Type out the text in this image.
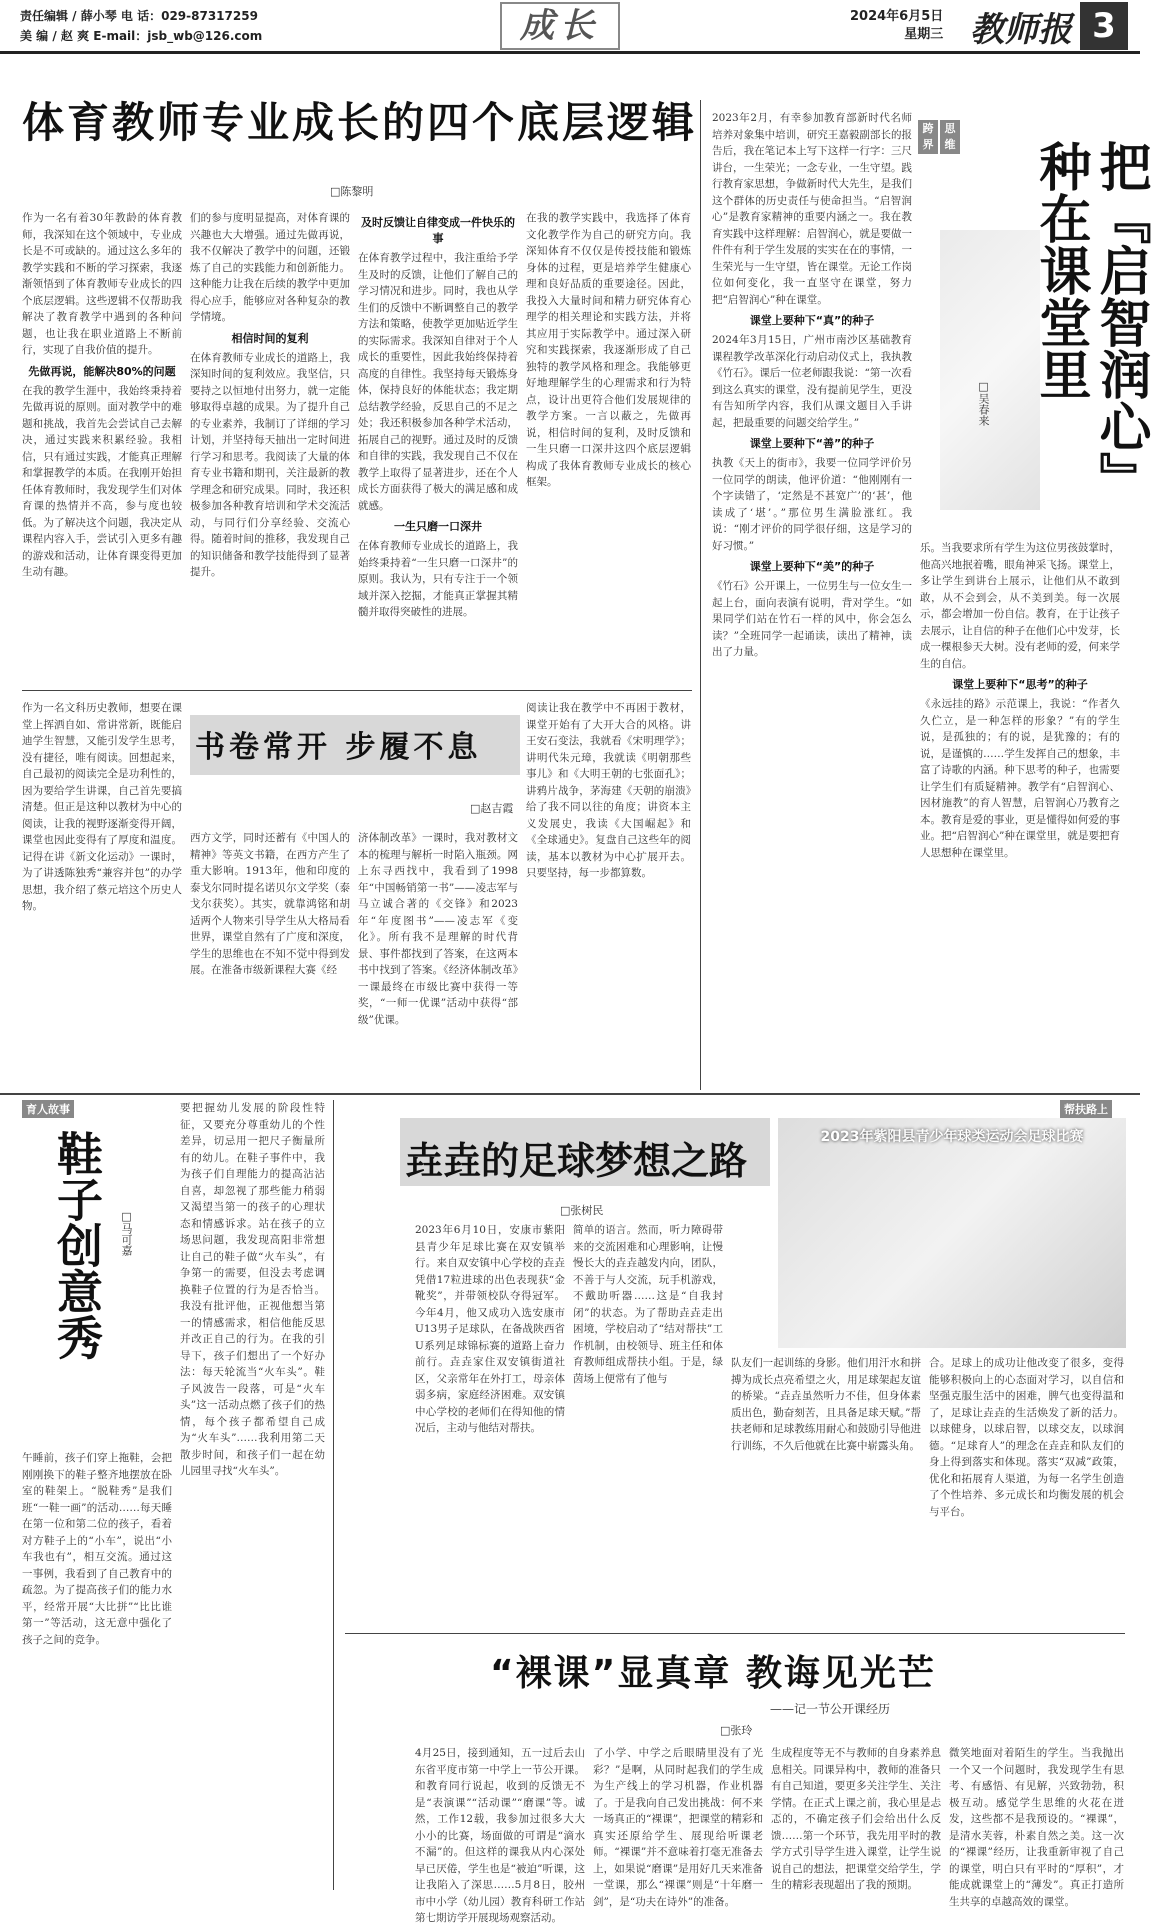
责任编辑 / 薛小琴 电 话：029-87317259
美 编 / 赵 爽 E-mail：jsb_wb@126.com	成长	2024年6月5日
星期三 教师报 3
体育教师专业成长的四个底层逻辑
□陈黎明

作为一名有着30年教龄的体育教师，我深知在这个领域中，专业成长是不可或缺的。通过这么多年的教学实践和不断的学习探索，我逐渐领悟到了体育教师专业成长的四个底层逻辑。这些逻辑不仅帮助我解决了教育教学中遇到的各种问题，也让我在职业道路上不断前行，实现了自我价值的提升。

先做再说，能解决80%的问题

在我的教学生涯中，我始终秉持着先做再说的原则。面对教学中的难题和挑战，我首先会尝试自己去解决，通过实践来积累经验。我相信，只有通过实践，才能真正理解和掌握教学的本质。在我刚开始担任体育教师时，我发现学生们对体育课的热情并不高，参与度也较低。为了解决这个问题，我决定从课程内容入手，尝试引入更多有趣的游戏和活动，让体育课变得更加生动有趣。

们的参与度明显提高，对体育课的兴趣也大大增强。通过先做再说，我不仅解决了教学中的问题，还锻炼了自己的实践能力和创新能力。这种能力让我在后续的教学中更加得心应手，能够应对各种复杂的教学情境。

相信时间的复利

在体育教师专业成长的道路上，我深知时间的复利效应。我坚信，只要持之以恒地付出努力，就一定能够取得卓越的成果。为了提升自己的专业素养，我制订了详细的学习计划，并坚持每天抽出一定时间进行学习和思考。我阅读了大量的体育专业书籍和期刊，关注最新的教学理念和研究成果。同时，我还积极参加各种教育培训和学术交流活动，与同行们分享经验、交流心得。随着时间的推移，我发现自己的知识储备和教学技能得到了显著提升。

及时反馈让自律变成一件快乐的事

在体育教学过程中，我注重给予学生及时的反馈，让他们了解自己的学习情况和进步。同时，我也从学生们的反馈中不断调整自己的教学方法和策略，使教学更加贴近学生的实际需求。我深知自律对于个人成长的重要性，因此我始终保持着高度的自律性。我坚持每天锻炼身体，保持良好的体能状态；我定期总结教学经验，反思自己的不足之处；我还积极参加各种学术活动，拓展自己的视野。通过及时的反馈和自律的实践，我发现自己不仅在教学上取得了显著进步，还在个人成长方面获得了极大的满足感和成就感。

一生只磨一口深井

在体育教师专业成长的道路上，我始终秉持着“一生只磨一口深井”的原则。我认为，只有专注于一个领域并深入挖掘，才能真正掌握其精髓并取得突破性的进展。

在我的教学实践中，我选择了体育文化教学作为自己的研究方向。我深知体育不仅仅是传授技能和锻炼身体的过程，更是培养学生健康心理和良好品质的重要途径。因此，我投入大量时间和精力研究体育心理学的相关理论和实践方法，并将其应用于实际教学中。通过深入研究和实践探索，我逐渐形成了自己独特的教学风格和理念。我能够更好地理解学生的心理需求和行为特点，设计出更符合他们发展规律的教学方案。一言以蔽之，先做再说，相信时间的复利，及时反馈和一生只磨一口深井这四个底层逻辑构成了我体育教师专业成长的核心框架。

跨界
思维	把『启智润心』种在课堂里
□吴春来

2023年2月，有幸参加教育部新时代名师培养对象集中培训，研究王嘉毅副部长的报告后，我在笔记本上写下这样一行字：三尺讲台，一生荣光；一念专业，一生守望。践行教育家思想，争做新时代大先生，是我们这个群体的历史责任与使命担当。“启智润心”是教育家精神的重要内涵之一。我在教育实践中这样理解：启智润心，就是要做一件件有利于学生发展的实实在在的事情，一生荣光与一生守望，皆在课堂。无论工作岗位如何变化，我一直坚守在课堂，努力把“启智润心”种在课堂。

课堂上要种下“真”的种子

2024年3月15日，广州市南沙区基础教育课程教学改革深化行动启动仪式上，我执教《竹石》。课后一位老师跟我说：“第一次看到这么真实的课堂，没有提前见学生，更没有告知所学内容，我们从课文题目入手讲起，把最重要的问题交给学生。”

课堂上要种下“善”的种子

执教《天上的街市》，我要一位同学评价另一位同学的朗读，他评价道：“他刚刚有一个字读错了，‘定然是不甚宽广’的‘甚’，他读成了‘堪’。”那位男生满脸涨红。我说：“刚才评价的同学很仔细，这是学习的好习惯。”

课堂上要种下“美”的种子

《竹石》公开课上，一位男生与一位女生一起上台，面向表演有说明，背对学生。“如果同学们站在竹石一样的风中，你会怎么读？”全班同学一起诵读，读出了精神，读出了力量。

乐。当我要求所有学生为这位男孩鼓掌时，他高兴地抿着嘴，眼角神采飞扬。课堂上，多让学生到讲台上展示，让他们从不敢到敢，从不会到会，从不美到美。每一次展示，都会增加一份自信。教育，在于让孩子去展示，让自信的种子在他们心中发芽，长成一棵根参天大树。没有老师的爱，何来学生的自信。

课堂上要种下“思考”的种子

《永远挂的路》示范课上，我说：“作者久久伫立，是一种怎样的形象？”有的学生说，是孤独的；有的说，是犹豫的；有的说，是谨慎的……学生发挥自己的想象，丰富了诗歌的内涵。种下思考的种子，也需要让学生们有质疑精神。教学有“启智润心、因材施教”的育人智慧，启智润心乃教育之本。教育是爱的事业，更是懂得如何爱的事业。把“启智润心”种在课堂里，就是要把育人思想种在课堂里。

书卷常开 步履不息
□赵吉霞

作为一名文科历史教师，想要在课堂上挥洒自如、常讲常新，既能启迪学生智慧，又能引发学生思考，没有捷径，唯有阅读。回想起来，自己最初的阅读完全是功利性的，因为要给学生讲课，自己首先要搞清楚。但正是这种以教材为中心的阅读，让我的视野逐渐变得开阔，课堂也因此变得有了厚度和温度。记得在讲《新文化运动》一课时，为了讲透陈独秀“兼容并包”的办学思想，我介绍了蔡元培这个历史人物。

西方文学，同时还蓄有《中国人的精神》等英文书籍，在西方产生了重大影响。1913年，他和印度的泰戈尔同时提名诺贝尔文学奖（泰戈尔获奖）。其实，就靠鸿铭和胡适两个人物来引导学生从大格局看世界，课堂自然有了广度和深度，学生的思维也在不知不觉中得到发展。在淮备市级新课程大赛《经

济体制改革》一课时，我对教材文本的梳理与解析一时陷入瓶颈。网上东寻西找中，我看到了1998年“中国畅销第一书”——凌志军与马立诚合著的《交锋》和2023年“年度图书”——凌志军《变化》。所有我不是理解的时代背景、事件都找到了答案，在这两本书中找到了答案。《经济体制改革》一课最终在市级比赛中获得一等奖，“一师一优课”活动中获得“部级”优课。

阅读让我在教学中不再困于教材，课堂开始有了大开大合的风格。讲王安石变法，我就看《宋明理学》；讲明代朱元璋，我就读《明朝那些事儿》和《大明王朝的七张面孔》；讲鸦片战争，茅海建《天朝的崩溃》给了我不同以往的角度；讲资本主义发展史，我读《大国崛起》和《全球通史》。复盘自己这些年的阅读，基本以教材为中心扩展开去。只要坚持，每一步都算数。

育人故事
鞋子创意秀 □马可嘉

午睡前，孩子们穿上拖鞋，会把刚刚换下的鞋子整齐地摆放在卧室的鞋架上。“脱鞋秀”是我们班“一鞋一画”的活动……每天睡在第一位和第二位的孩子，看着对方鞋子上的“小车”，说出“小车我也有”，相互交流。通过这一事例，我看到了自己教育中的疏忽。为了提高孩子们的能力水平，经常开展“大比拼”“比比谁第一”等活动，这无意中强化了孩子之间的竞争。

要把握幼儿发展的阶段性特征，又要充分尊重幼儿的个性差异，切忌用一把尺子衡量所有的幼儿。在鞋子事件中，我为孩子们自理能力的提高沾沾自喜，却忽视了那些能力稍弱又渴望当第一的孩子的心理状态和情感诉求。站在孩子的立场思问题，我发现高阳非常想让自己的鞋子做“火车头”，有争第一的需要，但没去考虑调换鞋子位置的行为是否恰当。我没有批评他，正视他想当第一的情感需求，相信他能反思并改正自己的行为。在我的引导下，孩子们想出了一个好办法：每天轮流当“火车头”。鞋子风波告一段落，可是“火车头”这一活动点燃了孩子们的热情，每个孩子都希望自己成为“火车头”……我利用第二天散步时间，和孩子们一起在幼儿园里寻找“火车头”。

帮扶路上
垚垚的足球梦想之路
□张树民
2023年紫阳县青少年球类运动会足球比赛

2023年6月10日，安康市紫阳县青少年足球比赛在双安镇举行。来自双安镇中心学校的垚垚凭借17粒进球的出色表现获“金靴奖”，并带领校队夺得冠军。今年4月，他又成功入选安康市U13男子足球队，在备战陕西省U系列足球锦标赛的道路上奋力前行。垚垚家住双安镇街道社区，父亲常年在外打工，母亲体弱多病，家庭经济困难。双安镇中心学校的老师们在得知他的情况后，主动与他结对帮扶。

简单的语言。然而，听力障碍带来的交流困难和心理影响，让慢慢长大的垚垚越发内向，团队，不善于与人交流，玩手机游戏，不戴助听器……这是“自我封闭”的状态。为了帮助垚垚走出困境，学校启动了“结对帮扶”工作机制，由校领导、班主任和体育教师组成帮扶小组。于是，绿茵场上便常有了他与

队友们一起训练的身影。他们用汗水和拼搏为成长点亮希望之火，用足球架起友谊的桥梁。“垚垚虽然听力不佳，但身体素质出色，勤奋刻苦，且具备足球天赋。”帮扶老师和足球教练用耐心和鼓励引导他进行训练，不久后他就在比赛中崭露头角。

合。足球上的成功让他改变了很多，变得能够积极向上的心态面对学习，以自信和坚强克服生活中的困难，脾气也变得温和了，足球让垚垚的生活焕发了新的活力。以球健身，以球启智，以球交友，以球润德。“足球育人”的理念在垚垚和队友们的身上得到落实和体现。落实“双减”政策，优化和拓展育人渠道，为每一名学生创造了个性培养、多元成长和均衡发展的机会与平台。

“裸课”显真章 教诲见光芒
——记一节公开课经历
□张玲

4月25日，接到通知，五一过后去山东省平度市第一中学上一节公开课。和教育同行说起，收到的反馈无不是“表演课”“活动课”“磨课”等。诚然，工作12载，我参加过很多大大小小的比赛，场面做的可谓是“滴水不漏”的。但这样的课我从内心深处早已厌倦，学生也是“被迫”听课，这让我陷入了深思……5月8日，胶州市中小学（幼儿园）教育科研工作站第七期访学开展现场观察活动。

了小学、中学之后眼睛里没有了光彩？”是啊，从同时起我们的学生成为生产线上的学习机器，作业机器了。于是我向自己发出挑战：何不来一场真正的“裸课”，把课堂的精彩和真实还原给学生、展现给听课老师。“裸课”并不意味着打毫无准备去上，如果说“磨课”是用好几天来准备一堂课，那么“裸课”则是“十年磨一剑”，是“功夫在诗外”的准备。

生成程度等无不与教师的自身素养息息相关。同课异构中，教师的准备只有自己知道，要更多关注学生、关注学情。在正式上课之前，我心里是忐忑的，不确定孩子们会给出什么反馈……第一个环节，我先用平时的教学方式引导学生进入课堂，让学生说说自己的想法，把课堂交给学生，学生的精彩表现超出了我的预期。

微笑地面对着陌生的学生。当我抛出一个又一个问题时，我发现学生有思考、有感悟、有见解，兴致勃勃，积极互动。感觉学生思维的火花在迸发，这些都不是我预设的。“裸课”，是清水芙蓉，朴素自然之美。这一次的“裸课”经历，让我重新审视了自己的课堂，明白只有平时的“厚积”，才能成就课堂上的“薄发”。真正打造所生共享的卓越高效的课堂。
